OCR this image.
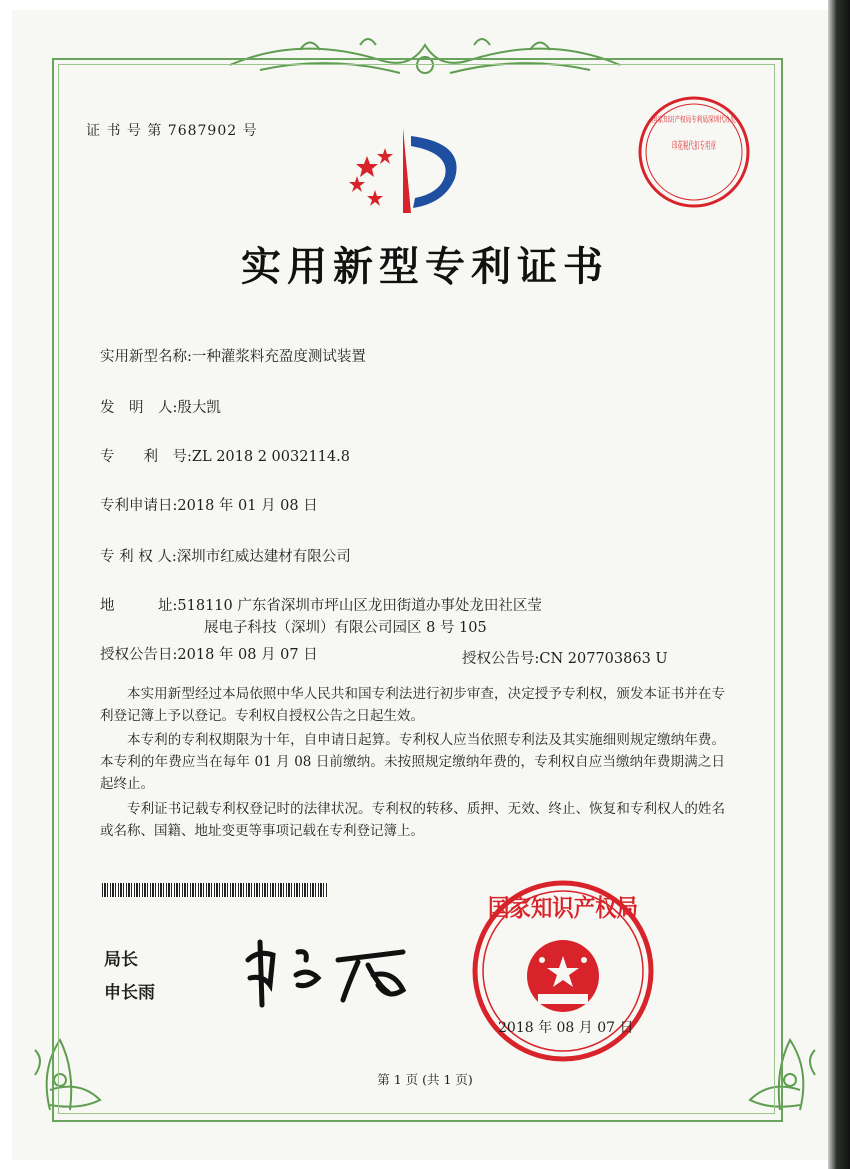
证 书 号 第 7687902 号
印花税代扣专用章
国家知识产权局专利局深圳代办处
实用新型专利证书
实用新型名称:一种灌浆料充盈度测试装置
发　明　人:殷大凯
专　　利　号:ZL 2018 2 0032114.8
专利申请日:2018 年 01 月 08 日
专 利 权 人:深圳市红威达建材有限公司
地　　　址:518110 广东省深圳市坪山区龙田街道办事处龙田社区莹
展电子科技（深圳）有限公司园区 8 号 105
授权公告日:2018 年 08 月 07 日	授权公告号:CN 207703863 U
本实用新型经过本局依照中华人民共和国专利法进行初步审查，决定授予专利权，颁发本证书并在专利登记簿上予以登记。专利权自授权公告之日起生效。
本专利的专利权期限为十年，自申请日起算。专利权人应当依照专利法及其实施细则规定缴纳年费。本专利的年费应当在每年 01 月 08 日前缴纳。未按照规定缴纳年费的，专利权自应当缴纳年费期满之日起终止。
专利证书记载专利权登记时的法律状况。专利权的转移、质押、无效、终止、恢复和专利权人的姓名或名称、国籍、地址变更等事项记载在专利登记簿上。
局长
申长雨
国家知识产权局
2018 年 08 月 07 日
第 1 页 (共 1 页)
